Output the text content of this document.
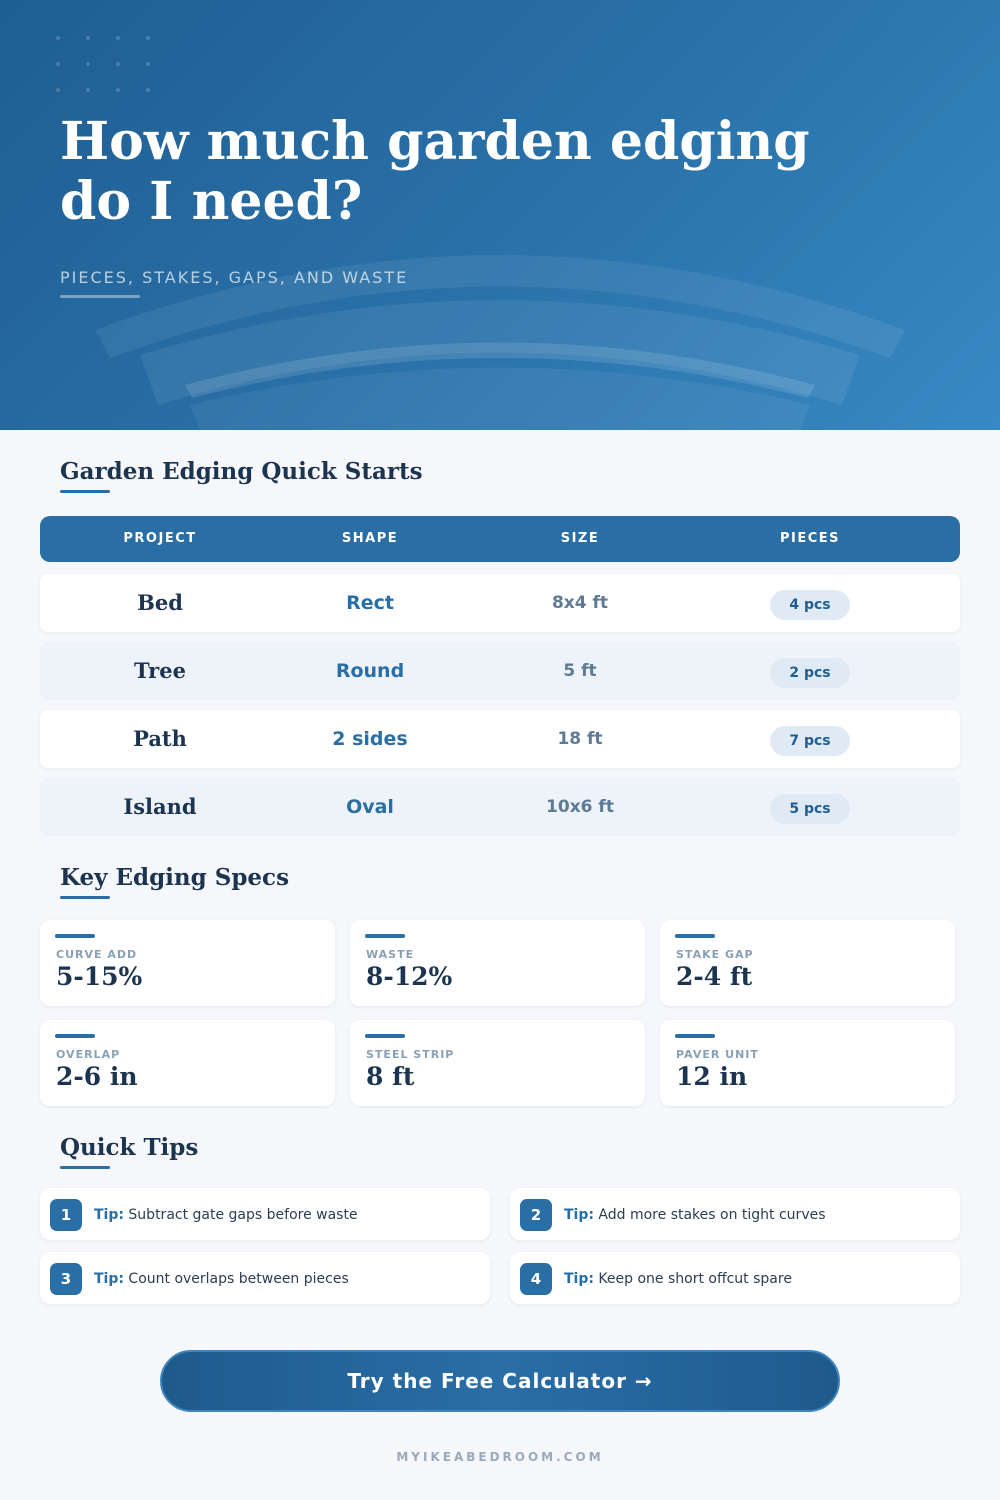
How much garden edging do I need?
PIECES, STAKES, GAPS, AND WASTE
Garden Edging Quick Starts
PROJECT	SHAPE	SIZE	PIECES
Bed	Rect	8x4 ft	4 pcs
Tree	Round	5 ft	2 pcs
Path	2 sides	18 ft	7 pcs
Island	Oval	10x6 ft	5 pcs
Key Edging Specs
CURVE ADD
5-15%
WASTE
8-12%
STAKE GAP
2-4 ft
OVERLAP
2-6 in
STEEL STRIP
8 ft
PAVER UNIT
12 in
Quick Tips
1	Tip: Subtract gate gaps before waste	2	Tip: Add more stakes on tight curves
3	Tip: Count overlaps between pieces	4	Tip: Keep one short offcut spare
Try the Free Calculator →
MYIKEABEDROOM.COM
